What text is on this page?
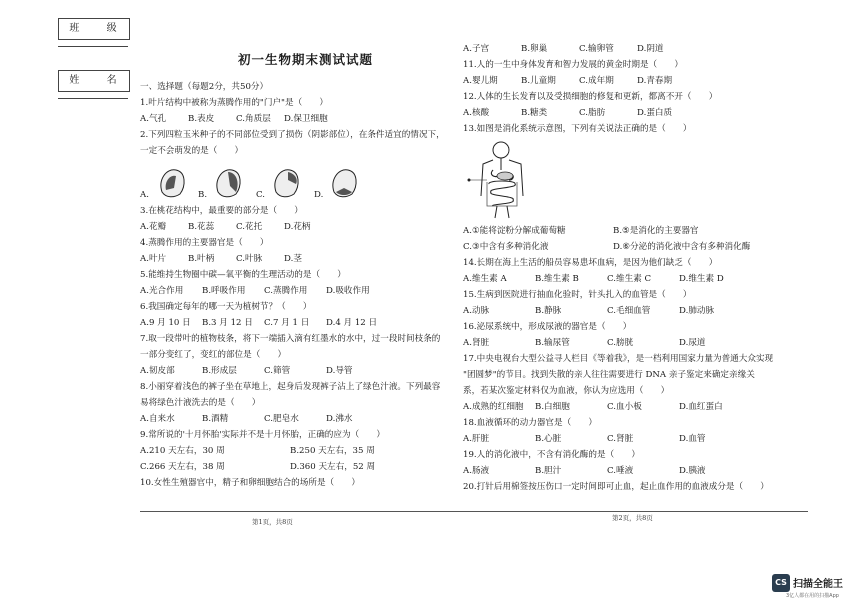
班 级
姓 名
初一生物期末测试试题
一、选择题（每题2分，共50分）
1.叶片结构中被称为蒸腾作用的"门户"是（　　）
A.气孔	B.表皮	C.角质层	D.保卫细胞
2.下列四粒玉米种子的不同部位受到了损伤（阴影部位），在条件适宜的情况下，
一定不会萌发的是（　　）
A.	B.	C.	D.
3.在桃花结构中，最重要的部分是（　　）
A.花瓣	B.花蕊	C.花托	D.花柄
4.蒸腾作用的主要器官是（　　）
A.叶片	B.叶柄	C.叶脉	D.茎
5.能维持生物圈中碳—氧平衡的生理活动的是（　　）
A.光合作用	B.呼吸作用	C.蒸腾作用	D.吸收作用
6.我国确定每年的哪一天为植树节？（　　）
A.9 月 10 日	B.3 月 12 日	C.7 月 1 日	D.4 月 12 日
7.取一段带叶的植物枝条，将下一端插入滴有红墨水的水中，过一段时间枝条的
一部分变红了，变红的部位是（　　）
A.韧皮部	B.形成层	C.筛管	D.导管
8.小丽穿着浅色的裤子坐在草地上，起身后发现裤子沾上了绿色汁液。下列最容
易将绿色汁液洗去的是（　　）
A.自来水	B.酒精	C.肥皂水	D.沸水
9.常所说的'十月怀胎'实际并不是十月怀胎，正确的应为（　　）
A.210 天左右，30 周	B.250 天左右，35 周
C.266 天左右，38 周	D.360 天左右，52 周
10.女性生殖器官中，精子和卵细胞结合的场所是（　　）
A.子宫	B.卵巢	C.输卵管	D.阴道
11.人的一生中身体发育和智力发展的黄金时期是（　　）
A.婴儿期	B.儿童期	C.成年期	D.青春期
12.人体的生长发育以及受损细胞的修复和更新，都离不开（　　）
A.核酸	B.糖类	C.脂肪	D.蛋白质
13.如图是消化系统示意图，下列有关说法正确的是（　　）
A.①能将淀粉分解成葡萄糖	B.⑤是消化的主要器官
C.③中含有多种消化液	D.⑥分泌的消化液中含有多种消化酶
14.长期在海上生活的船员容易患坏血病，是因为他们缺乏（　　）
A.维生素 A	B.维生素 B	C.维生素 C	D.维生素 D
15.生病到医院进行抽血化验时，针头扎入的血管是（　　）
A.动脉	B.静脉	C.毛细血管	D.肺动脉
16.泌尿系统中，形成尿液的器官是（　　）
A.肾脏	B.输尿管	C.膀胱	D.尿道
17.中央电视台大型公益寻人栏目《等着我》，是一档利用国家力量为普通大众实现
"团圆梦"的节目。找到失散的亲人往往需要进行 DNA 亲子鉴定来确定亲缘关
系，若某次鉴定材料仅为血液，你认为应选用（　　）
A.成熟的红细胞	B.白细胞	C.血小板	D.血红蛋白
18.血液循环的动力器官是（　　）
A.肝脏	B.心脏	C.肾脏	D.血管
19.人的消化液中，不含有消化酶的是（　　）
A.肠液	B.胆汁	C.唾液	D.胰液
20.打针后用棉签按压伤口一定时间即可止血，起止血作用的血液成分是（　　）
第1页，共8页	第2页，共8页
CS 扫描全能王
3亿人都在用的扫描App
